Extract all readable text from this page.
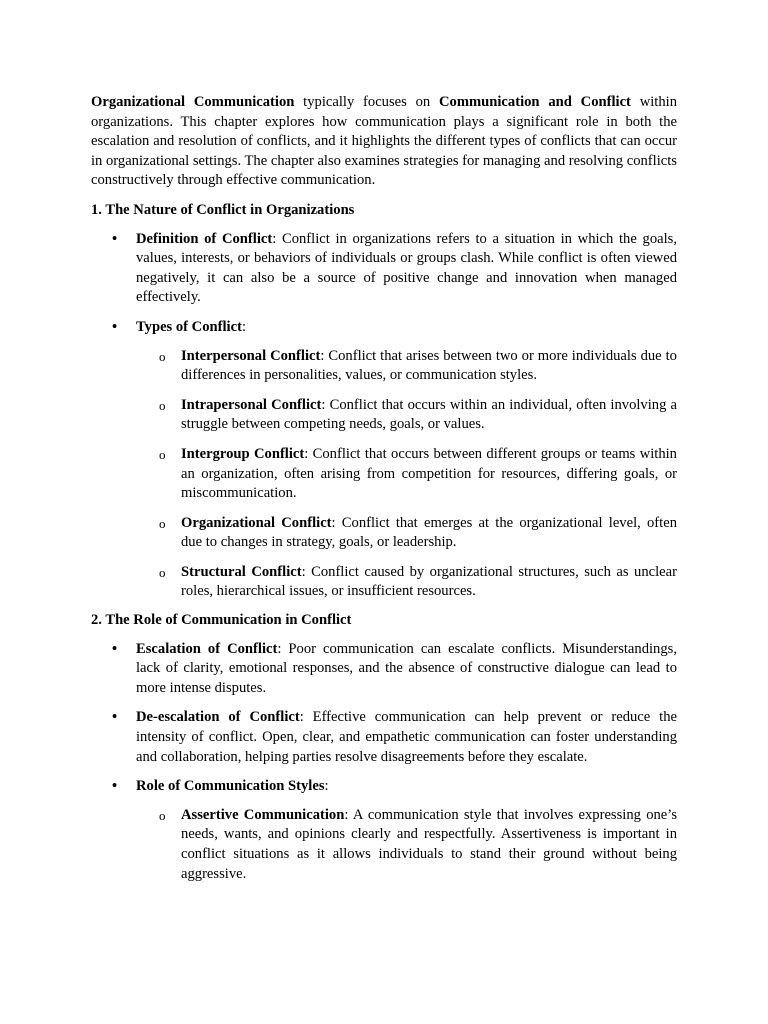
Organizational Communication typically focuses on Communication and Conflict within organizations. This chapter explores how communication plays a significant role in both the escalation and resolution of conflicts, and it highlights the different types of conflicts that can occur in organizational settings. The chapter also examines strategies for managing and resolving conflicts constructively through effective communication.

1. The Nature of Conflict in Organizations

• Definition of Conflict: Conflict in organizations refers to a situation in which the goals, values, interests, or behaviors of individuals or groups clash. While conflict is often viewed negatively, it can also be a source of positive change and innovation when managed effectively.
• Types of Conflict:
o Interpersonal Conflict: Conflict that arises between two or more individuals due to differences in personalities, values, or communication styles.
o Intrapersonal Conflict: Conflict that occurs within an individual, often involving a struggle between competing needs, goals, or values.
o Intergroup Conflict: Conflict that occurs between different groups or teams within an organization, often arising from competition for resources, differing goals, or miscommunication.
o Organizational Conflict: Conflict that emerges at the organizational level, often due to changes in strategy, goals, or leadership.
o Structural Conflict: Conflict caused by organizational structures, such as unclear roles, hierarchical issues, or insufficient resources.

2. The Role of Communication in Conflict

• Escalation of Conflict: Poor communication can escalate conflicts. Misunderstandings, lack of clarity, emotional responses, and the absence of constructive dialogue can lead to more intense disputes.
• De-escalation of Conflict: Effective communication can help prevent or reduce the intensity of conflict. Open, clear, and empathetic communication can foster understanding and collaboration, helping parties resolve disagreements before they escalate.
• Role of Communication Styles:
o Assertive Communication: A communication style that involves expressing one’s needs, wants, and opinions clearly and respectfully. Assertiveness is important in conflict situations as it allows individuals to stand their ground without being aggressive.
